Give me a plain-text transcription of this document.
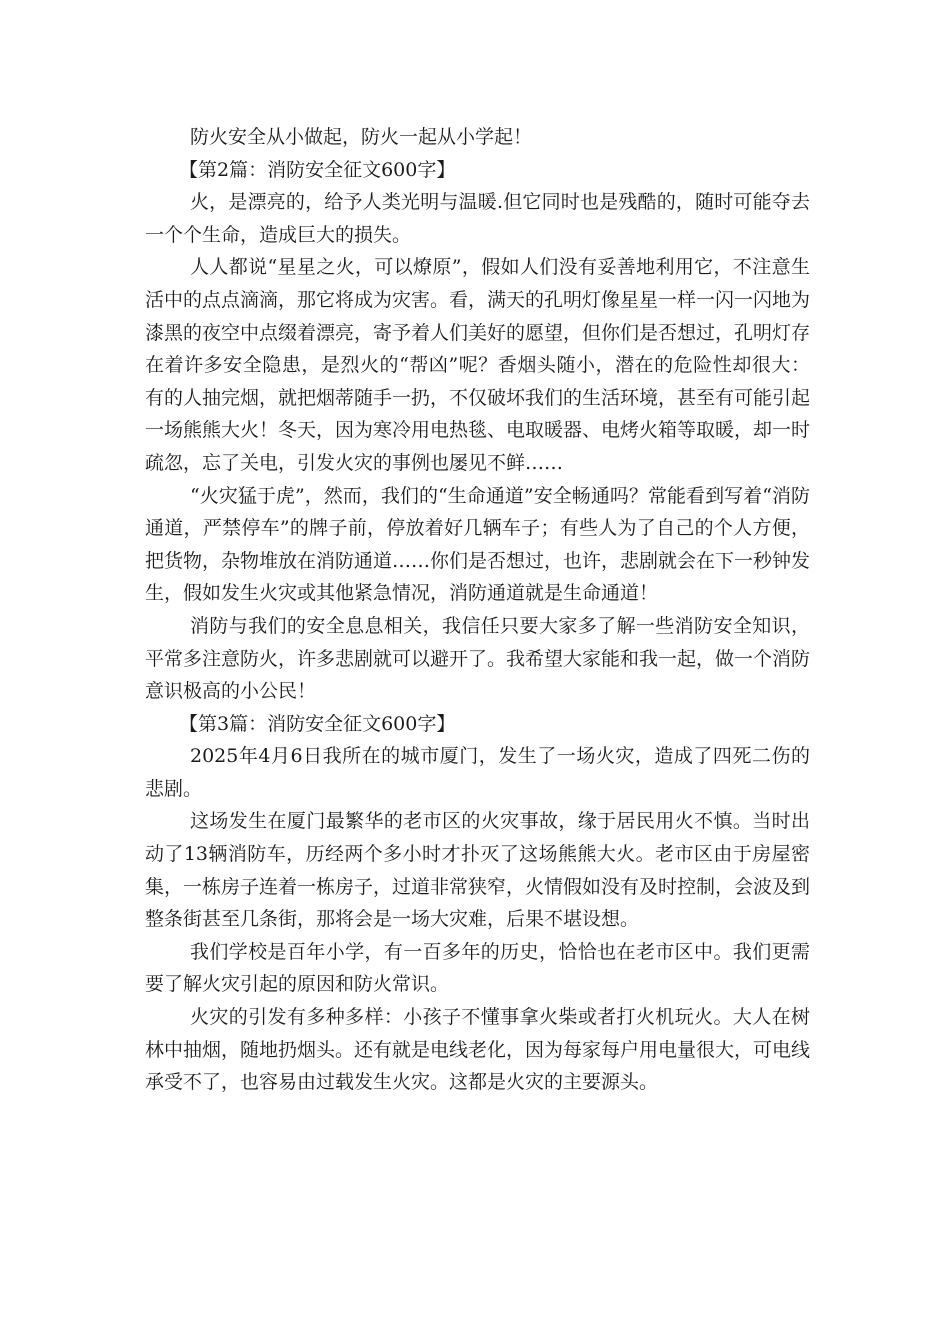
防火安全从小做起，防火一起从小学起！

【第2篇：消防安全征文600字】

火，是漂亮的，给予人类光明与温暖.但它同时也是残酷的，随时可能夺去一个个生命，造成巨大的损失。

人人都说“星星之火，可以燎原”，假如人们没有妥善地利用它，不注意生活中的点点滴滴，那它将成为灾害。看，满天的孔明灯像星星一样一闪一闪地为漆黑的夜空中点缀着漂亮，寄予着人们美好的愿望，但你们是否想过，孔明灯存在着许多安全隐患，是烈火的“帮凶”呢？香烟头随小，潜在的危险性却很大：有的人抽完烟，就把烟蒂随手一扔，不仅破坏我们的生活环境，甚至有可能引起一场熊熊大火！冬天，因为寒冷用电热毯、电取暖器、电烤火箱等取暖，却一时疏忽，忘了关电，引发火灾的事例也屡见不鲜……

“火灾猛于虎”，然而，我们的“生命通道”安全畅通吗？常能看到写着“消防通道，严禁停车”的牌子前，停放着好几辆车子；有些人为了自己的个人方便，把货物，杂物堆放在消防通道……你们是否想过，也许，悲剧就会在下一秒钟发生，假如发生火灾或其他紧急情况，消防通道就是生命通道！

消防与我们的安全息息相关，我信任只要大家多了解一些消防安全知识，平常多注意防火，许多悲剧就可以避开了。我希望大家能和我一起，做一个消防意识极高的小公民！

【第3篇：消防安全征文600字】

2025年4月6日我所在的城市厦门，发生了一场火灾，造成了四死二伤的悲剧。

这场发生在厦门最繁华的老市区的火灾事故，缘于居民用火不慎。当时出动了13辆消防车，历经两个多小时才扑灭了这场熊熊大火。老市区由于房屋密集，一栋房子连着一栋房子，过道非常狭窄，火情假如没有及时控制，会波及到整条街甚至几条街，那将会是一场大灾难，后果不堪设想。

我们学校是百年小学，有一百多年的历史，恰恰也在老市区中。我们更需要了解火灾引起的原因和防火常识。

火灾的引发有多种多样：小孩子不懂事拿火柴或者打火机玩火。大人在树林中抽烟，随地扔烟头。还有就是电线老化，因为每家每户用电量很大，可电线承受不了，也容易由过载发生火灾。这都是火灾的主要源头。
